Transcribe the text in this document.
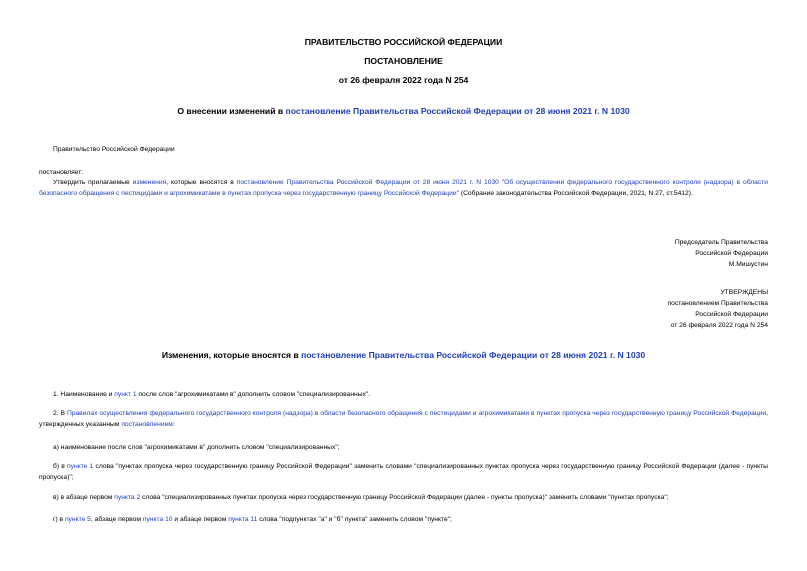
ПРАВИТЕЛЬСТВО РОССИЙСКОЙ ФЕДЕРАЦИИ
ПОСТАНОВЛЕНИЕ
от 26 февраля 2022 года N 254
О внесении изменений в постановление Правительства Российской Федерации от 28 июня 2021 г. N 1030
Правительство Российской Федерации
постановляет:
Утвердить прилагаемые изменения, которые вносятся в постановление Правительства Российской Федерации от 28 июня 2021 г. N 1030 "Об осуществлении федерального государственного контроля (надзора) в области безопасного обращения с пестицидами и агрохимикатами в пунктах пропуска через государственную границу Российской Федерации" (Собрание законодательства Российской Федерации, 2021, N 27, ст.5412).
Председатель Правительства
Российской Федерации
М.Мишустин
УТВЕРЖДЕНЫ
постановлением Правительства
Российской Федерации
от 26 февраля 2022 года N 254
Изменения, которые вносятся в постановление Правительства Российской Федерации от 28 июня 2021 г. N 1030
1. Наименование и пункт 1 после слов "агрохимикатами в" дополнить словом "специализированных".
2. В Правилах осуществления федерального государственного контроля (надзора) в области безопасного обращения с пестицидами и агрохимикатами в пунктах пропуска через государственную границу Российской Федерации, утвержденных указанным постановлением:
а) наименование после слов "агрохимикатами в" дополнить словом "специализированных";
б) в пункте 1 слова "пунктах пропуска через государственную границу Российской Федерации" заменить словами "специализированных пунктах пропуска через государственную границу Российской Федерации (далее - пункты пропуска)";
в) в абзаце первом пункта 2 слова "специализированных пунктах пропуска через государственную границу Российской Федерации (далее - пункты пропуска)" заменить словами "пунктах пропуска";
г) в пункте 5, абзаце первом пункта 10 и абзаце первом пункта 11 слова "подпунктах "а" и "б" пункта" заменить словом "пункте";
